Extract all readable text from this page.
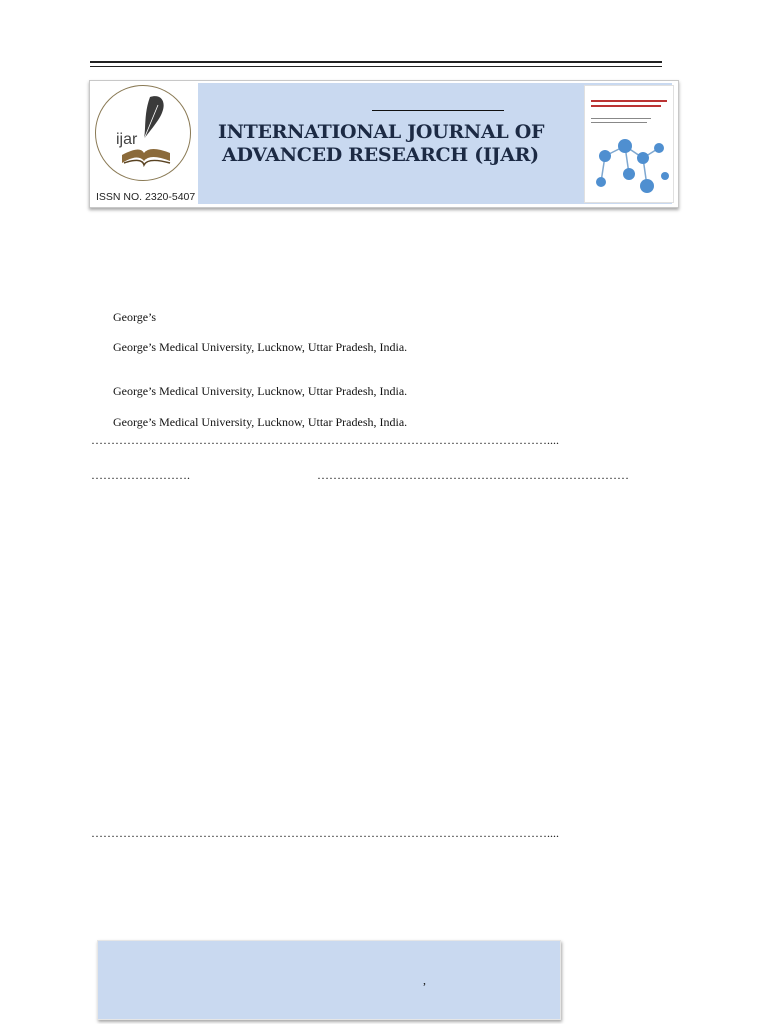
ijar
ISSN NO. 2320-5407
INTERNATIONAL JOURNAL OF
ADVANCED RESEARCH (IJAR)
George’s
George’s Medical University, Lucknow, Uttar Pradesh, India.
George’s Medical University, Lucknow, Uttar Pradesh, India.
George’s Medical University, Lucknow, Uttar Pradesh, India.
……………………………………………………………………………………………………....
…………………….	……………………………………………………………………
……………………………………………………………………………………………………....
,
